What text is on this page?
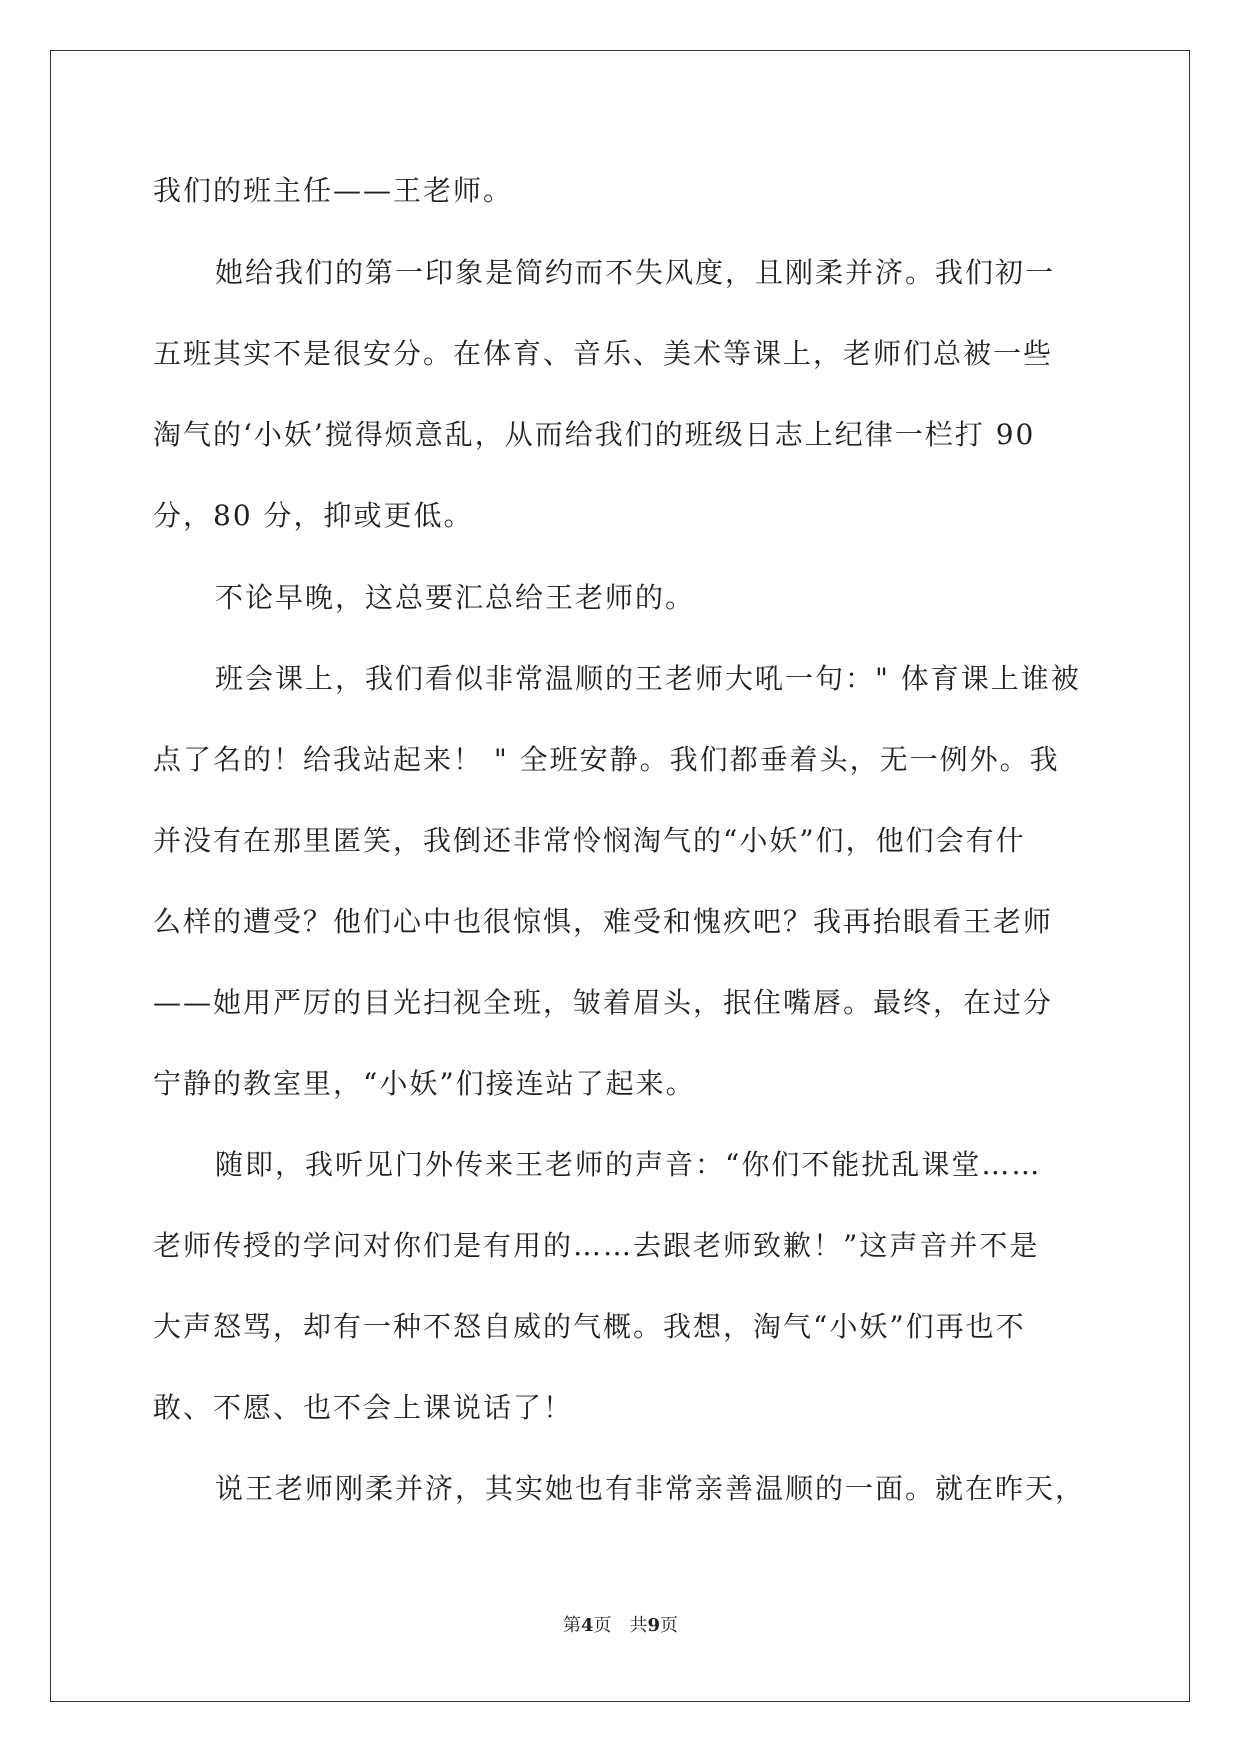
我们的班主任——王老师。
她给我们的第一印象是简约而不失风度，且刚柔并济。我们初一
五班其实不是很安分。在体育、音乐、美术等课上，老师们总被一些
淘气的‘小妖’搅得烦意乱，从而给我们的班级日志上纪律一栏打 90
分，80 分，抑或更低。
不论早晚，这总要汇总给王老师的。
班会课上，我们看似非常温顺的王老师大吼一句：" 体育课上谁被
点了名的！给我站起来！ " 全班安静。我们都垂着头，无一例外。我
并没有在那里匿笑，我倒还非常怜悯淘气的“小妖”们，他们会有什
么样的遭受？他们心中也很惊惧，难受和愧疚吧？我再抬眼看王老师
——她用严厉的目光扫视全班，皱着眉头，抿住嘴唇。最终，在过分
宁静的教室里，“小妖”们接连站了起来。
随即，我听见门外传来王老师的声音：“你们不能扰乱课堂……
老师传授的学问对你们是有用的……去跟老师致歉！”这声音并不是
大声怒骂，却有一种不怒自威的气概。我想，淘气“小妖”们再也不
敢、不愿、也不会上课说话了！
说王老师刚柔并济，其实她也有非常亲善温顺的一面。就在昨天，
第4页 共9页
